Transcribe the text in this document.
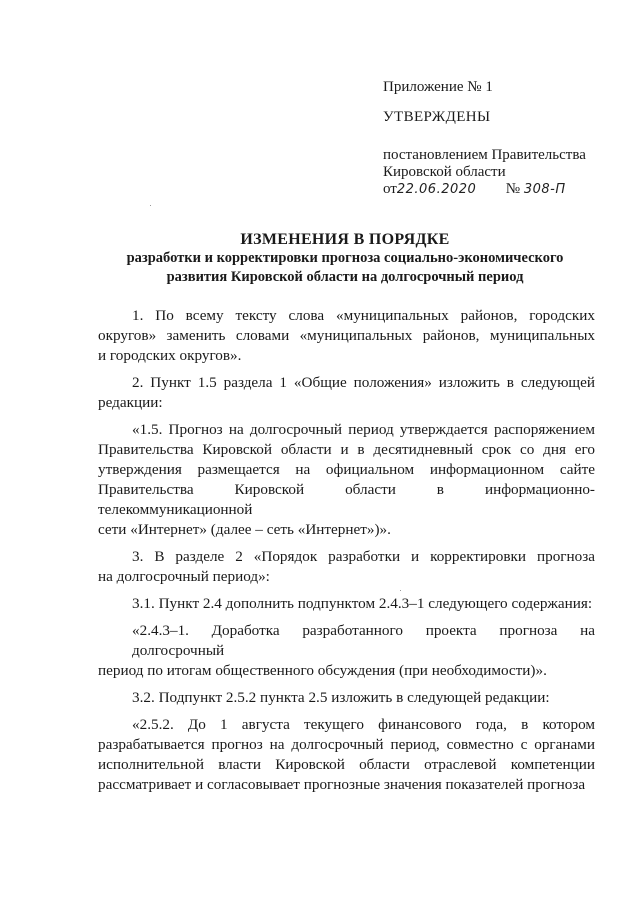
Приложение № 1
УТВЕРЖДЕНЫ
постановлением Правительства
Кировской области
от22.06.2020 № 308-П
ИЗМЕНЕНИЯ В ПОРЯДКЕ
разработки и корректировки прогноза социально-экономического
развития Кировской области на долгосрочный период
1. По всему тексту слова «муниципальных районов, городских
округов» заменить словами «муниципальных районов, муниципальных
и городских округов».
2. Пункт 1.5 раздела 1 «Общие положения» изложить в следующей
редакции:
«1.5. Прогноз на долгосрочный период утверждается распоряжением
Правительства Кировской области и в десятидневный срок со дня его
утверждения размещается на официальном информационном сайте
Правительства Кировской области в информационно-телекоммуникационной
сети «Интернет» (далее – сеть «Интернет»)».
3. В разделе 2 «Порядок разработки и корректировки прогноза
на долгосрочный период»:
3.1. Пункт 2.4 дополнить подпунктом 2.4.3–1 следующего содержания:
«2.4.3–1. Доработка разработанного проекта прогноза на долгосрочный
период по итогам общественного обсуждения (при необходимости)».
3.2. Подпункт 2.5.2 пункта 2.5 изложить в следующей редакции:
«2.5.2. До 1 августа текущего финансового года, в котором
разрабатывается прогноз на долгосрочный период, совместно с органами
исполнительной власти Кировской области отраслевой компетенции
рассматривает и согласовывает прогнозные значения показателей прогноза
